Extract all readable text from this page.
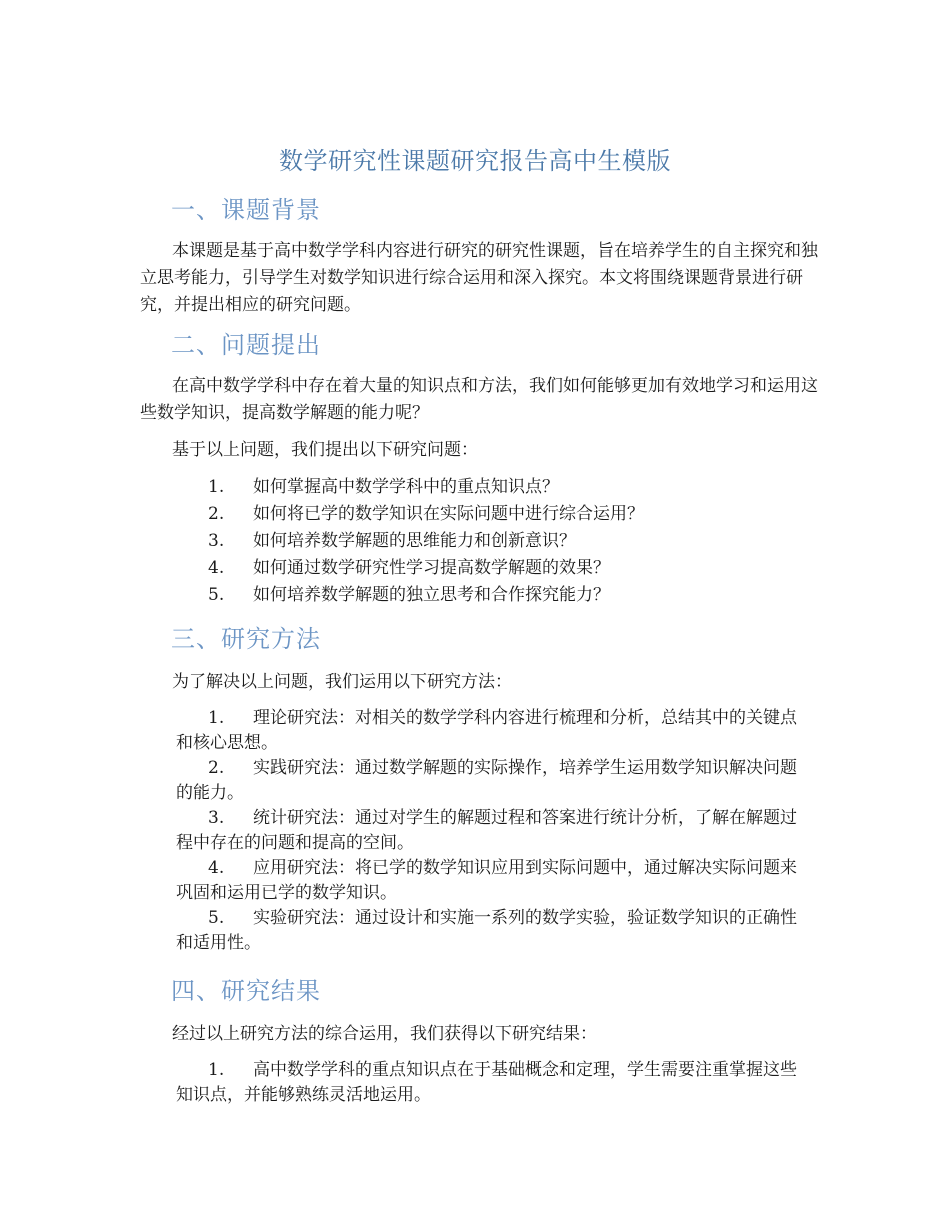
数学研究性课题研究报告高中生模版
一、课题背景

本课题是基于高中数学学科内容进行研究的研究性课题，旨在培养学生的自主探究和独立思考能力，引导学生对数学知识进行综合运用和深入探究。本文将围绕课题背景进行研究，并提出相应的研究问题。

二、问题提出

在高中数学学科中存在着大量的知识点和方法，我们如何能够更加有效地学习和运用这些数学知识，提高数学解题的能力呢？

基于以上问题，我们提出以下研究问题：

1. 如何掌握高中数学学科中的重点知识点？
2. 如何将已学的数学知识在实际问题中进行综合运用？
3. 如何培养数学解题的思维能力和创新意识？
4. 如何通过数学研究性学习提高数学解题的效果？
5. 如何培养数学解题的独立思考和合作探究能力？
三、研究方法

为了解决以上问题，我们运用以下研究方法：

1. 理论研究法：对相关的数学学科内容进行梳理和分析，总结其中的关键点和核心思想。
2. 实践研究法：通过数学解题的实际操作，培养学生运用数学知识解决问题的能力。
3. 统计研究法：通过对学生的解题过程和答案进行统计分析，了解在解题过程中存在的问题和提高的空间。
4. 应用研究法：将已学的数学知识应用到实际问题中，通过解决实际问题来巩固和运用已学的数学知识。
5. 实验研究法：通过设计和实施一系列的数学实验，验证数学知识的正确性和适用性。
四、研究结果

经过以上研究方法的综合运用，我们获得以下研究结果：

1. 高中数学学科的重点知识点在于基础概念和定理，学生需要注重掌握这些知识点，并能够熟练灵活地运用。
